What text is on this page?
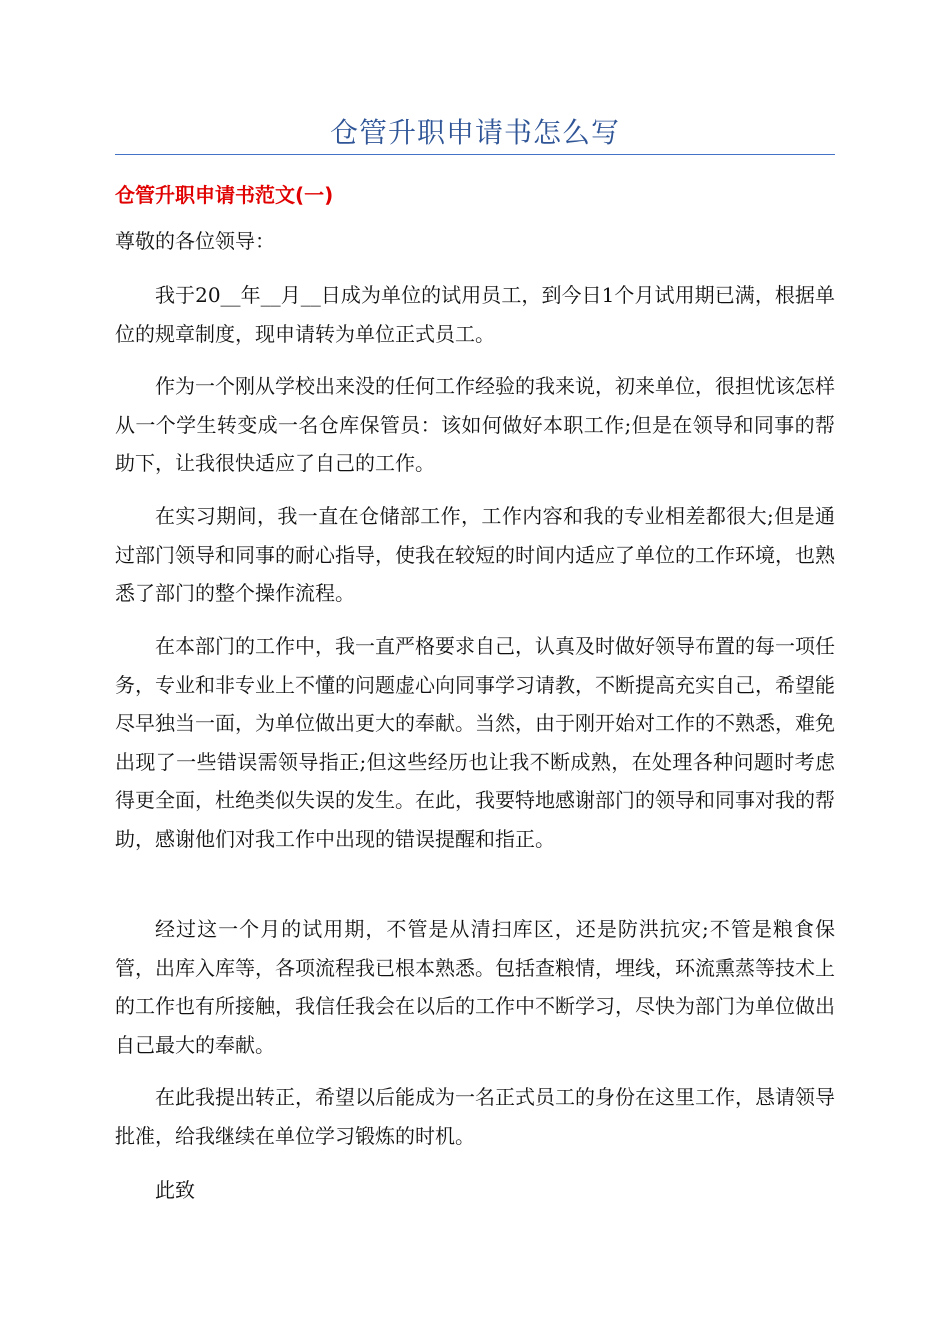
仓管升职申请书怎么写
仓管升职申请书范文(一)

尊敬的各位领导：

我于20__年__月__日成为单位的试用员工，到今日1个月试用期已满，根据单位的规章制度，现申请转为单位正式员工。

作为一个刚从学校出来没的任何工作经验的我来说，初来单位，很担忧该怎样从一个学生转变成一名仓库保管员：该如何做好本职工作;但是在领导和同事的帮助下，让我很快适应了自己的工作。

在实习期间，我一直在仓储部工作，工作内容和我的专业相差都很大;但是通过部门领导和同事的耐心指导，使我在较短的时间内适应了单位的工作环境，也熟悉了部门的整个操作流程。

在本部门的工作中，我一直严格要求自己，认真及时做好领导布置的每一项任务，专业和非专业上不懂的问题虚心向同事学习请教，不断提高充实自己，希望能尽早独当一面，为单位做出更大的奉献。当然，由于刚开始对工作的不熟悉，难免出现了一些错误需领导指正;但这些经历也让我不断成熟，在处理各种问题时考虑得更全面，杜绝类似失误的发生。在此，我要特地感谢部门的领导和同事对我的帮助，感谢他们对我工作中出现的错误提醒和指正。

经过这一个月的试用期，不管是从清扫库区，还是防洪抗灾;不管是粮食保管，出库入库等，各项流程我已根本熟悉。包括查粮情，埋线，环流熏蒸等技术上的工作也有所接触，我信任我会在以后的工作中不断学习，尽快为部门为单位做出自己最大的奉献。

在此我提出转正，希望以后能成为一名正式员工的身份在这里工作，恳请领导批准，给我继续在单位学习锻炼的时机。

此致
